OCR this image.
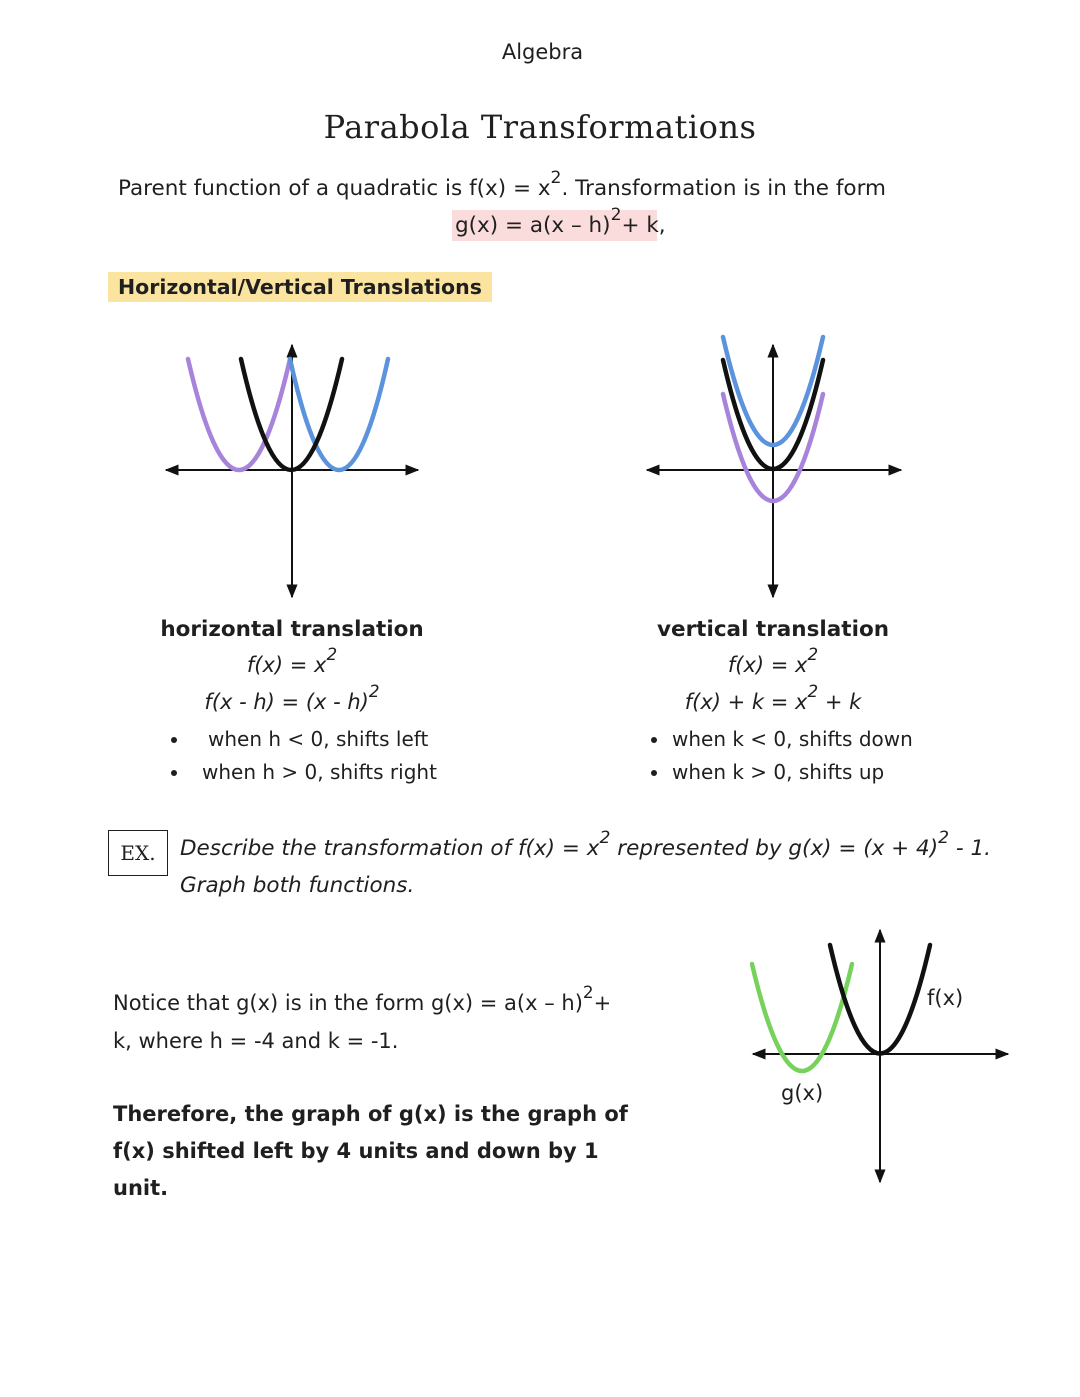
Algebra
Parabola Transformations
Parent function of a quadratic is $f(x) = x^2$. Transformation is in the form
g(x) = a(x – h)$^2$+ k,
Horizontal/Vertical Translations
horizontal translation
$f(x) = x^2$
f(x - h) = (x - h)$^2$
when h < 0, shifts left
when h > 0, shifts right
vertical translation
$f(x) = x^2$
$f(x) + k = x^2 + k$
when k < 0, shifts down
when k > 0, shifts up
EX.	Describe the transformation of $f(x) = x^2$ represented by $g(x) = (x + 4)^2 - 1$. Graph both functions.
Notice that g(x) is in the form g(x) = a(x – h)$^2$+ k, where h = -4 and k = -1.
Therefore, the graph of g(x) is the graph of f(x) shifted left by 4 units and down by 1 unit.
f(x)
g(x)
